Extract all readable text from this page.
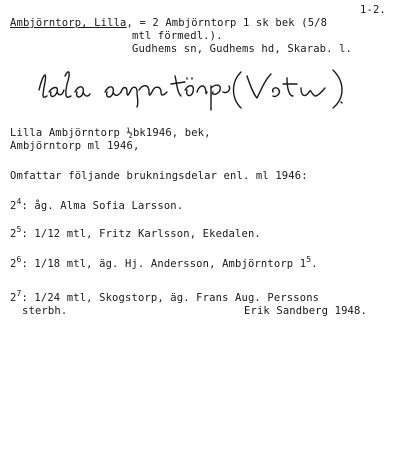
1-2.
Ambjörntorp, Lilla, = 2 Ambjörntorp 1 sk bek (5/8
mtl förmedl.).
Gudhems sn, Gudhems hd, Skarab. l.
Lilla Ambjörntorp ½bk1946, bek,
Ambjörntorp ml 1946,
Omfattar följande brukningsdelar enl. ml 1946:
$2^4$: åg. Alma Sofia Larsson.
$2^5$: 1/12 mtl, Fritz Karlsson, Ekedalen.
$2^6$: 1/18 mtl, äg. Hj. Andersson, Ambjörntorp $1^5$.
$2^7$: 1/24 mtl, Skogstorp, äg. Frans Aug. Perssons
sterbh.	Erik Sandberg 1948.
